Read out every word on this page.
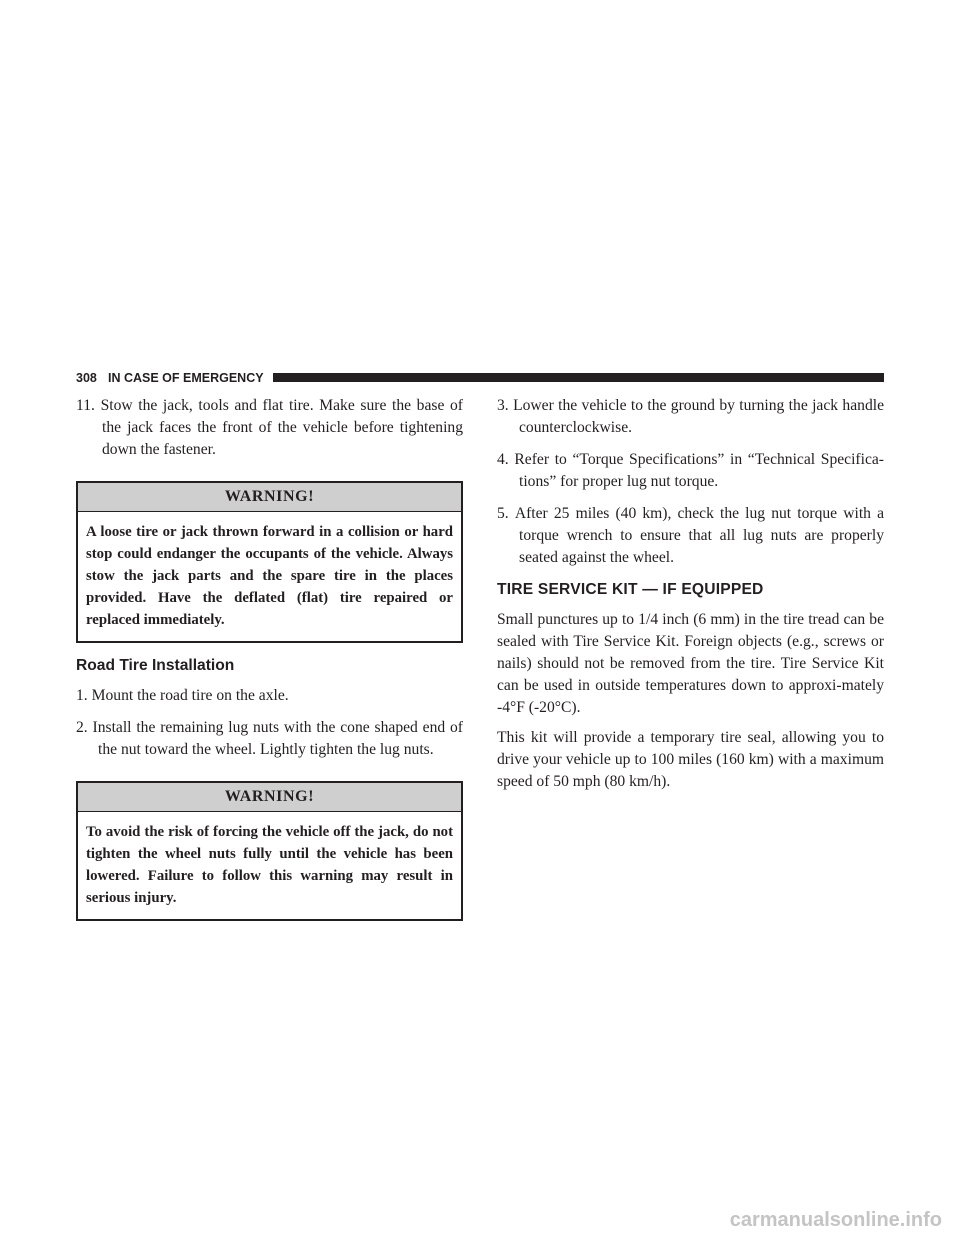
308 IN CASE OF EMERGENCY
11. Stow the jack, tools and flat tire. Make sure the base of the jack faces the front of the vehicle before tightening down the fastener.
WARNING!
A loose tire or jack thrown forward in a collision or hard stop could endanger the occupants of the vehicle. Always stow the jack parts and the spare tire in the places provided. Have the deflated (flat) tire repaired or replaced immediately.
Road Tire Installation
1. Mount the road tire on the axle.
2. Install the remaining lug nuts with the cone shaped end of the nut toward the wheel. Lightly tighten the lug nuts.
WARNING!
To avoid the risk of forcing the vehicle off the jack, do not tighten the wheel nuts fully until the vehicle has been lowered. Failure to follow this warning may result in serious injury.
3. Lower the vehicle to the ground by turning the jack handle counterclockwise.
4. Refer to “Torque Specifications” in “Technical Specifica-tions” for proper lug nut torque.
5. After 25 miles (40 km), check the lug nut torque with a torque wrench to ensure that all lug nuts are properly seated against the wheel.
TIRE SERVICE KIT — IF EQUIPPED

Small punctures up to 1/4 inch (6 mm) in the tire tread can be sealed with Tire Service Kit. Foreign objects (e.g., screws or nails) should not be removed from the tire. Tire Service Kit can be used in outside temperatures down to approxi-mately -4°F (-20°C).

This kit will provide a temporary tire seal, allowing you to drive your vehicle up to 100 miles (160 km) with a maximum speed of 50 mph (80 km/h).

carmanualsonline.info
